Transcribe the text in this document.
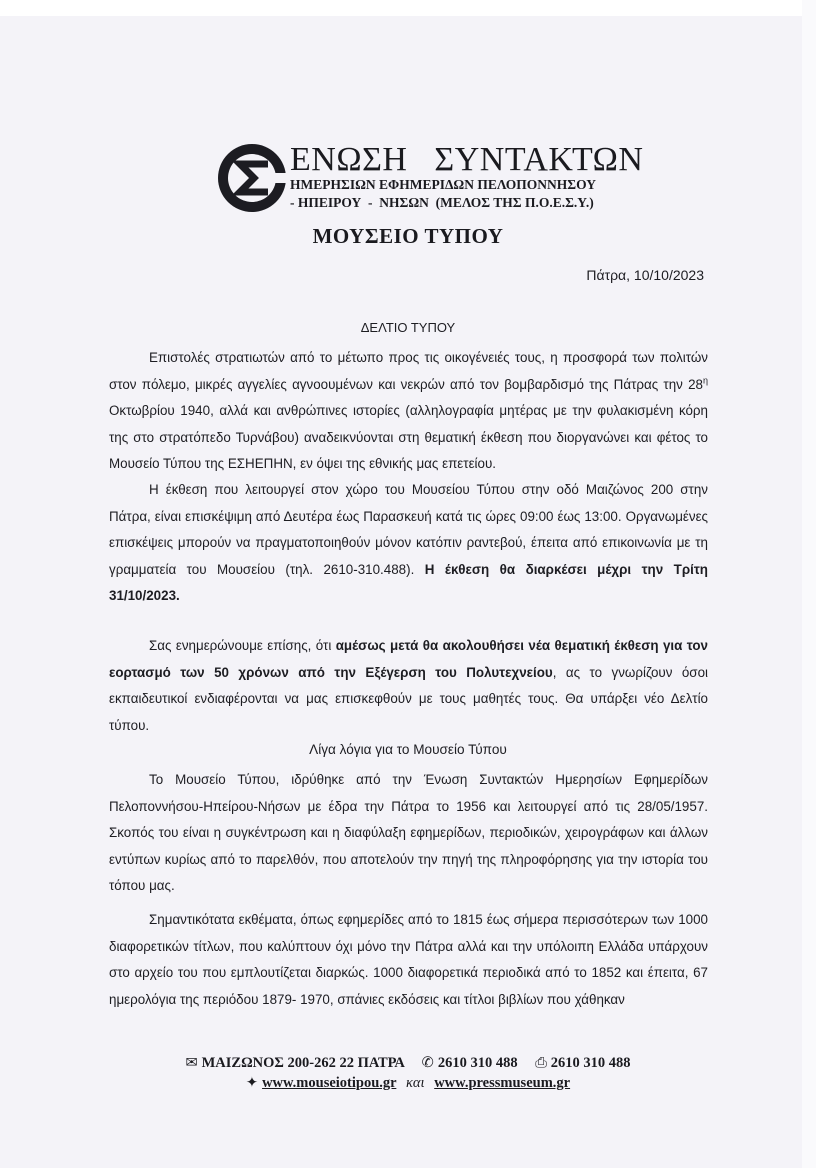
ΕΝΩΣΗ   ΣΥΝΤΑΚΤΩΝ

ΗΜΕΡΗΣΙΩΝ ΕΦΗΜΕΡΙΔΩΝ ΠΕΛΟΠΟΝΝΗΣΟΥ

- ΗΠΕΙΡΟΥ  -  ΝΗΣΩΝ  (ΜΕΛΟΣ ΤΗΣ Π.Ο.Ε.Σ.Υ.)

ΜΟΥΣΕΙΟ ΤΥΠΟΥ
Πάτρα, 10/10/2023
ΔΕΛΤΙΟ ΤΥΠΟΥ

Επιστολές στρατιωτών από το μέτωπο προς τις οικογένειές τους, η προσφορά των πολιτών στον πόλεμο, μικρές αγγελίες αγνοουμένων και νεκρών από τον βομβαρδισμό της Πάτρας την $28^\eta$ Οκτωβρίου 1940, αλλά και ανθρώπινες ιστορίες (αλληλογραφία μητέρας με την φυλακισμένη κόρη της στο στρατόπεδο Τυρνάβου) αναδεικνύονται στη θεματική έκθεση που διοργανώνει και φέτος το Μουσείο Τύπου της ΕΣΗΕΠΗΝ, εν όψει της εθνικής μας επετείου.

Η έκθεση που λειτουργεί στον χώρο του Μουσείου Τύπου στην οδό Μαιζώνος 200 στην Πάτρα, είναι επισκέψιμη από Δευτέρα έως Παρασκευή κατά τις ώρες 09:00 έως 13:00. Οργανωμένες επισκέψεις μπορούν να πραγματοποιηθούν μόνον κατόπιν ραντεβού, έπειτα από επικοινωνία με τη γραμματεία του Μουσείου (τηλ. 2610-310.488). Η έκθεση θα διαρκέσει μέχρι την Τρίτη 31/10/2023.

Σας ενημερώνουμε επίσης, ότι αμέσως μετά θα ακολουθήσει νέα θεματική έκθεση για τον εορτασμό των 50 χρόνων από την Εξέγερση του Πολυτεχνείου, ας το γνωρίζουν όσοι εκπαιδευτικοί ενδιαφέρονται να μας επισκεφθούν με τους μαθητές τους. Θα υπάρξει νέο Δελτίο τύπου.

Λίγα λόγια για το Μουσείο Τύπου

Το Μουσείο Τύπου, ιδρύθηκε από την Ένωση Συντακτών Ημερησίων Εφημερίδων Πελοποννήσου-Ηπείρου-Νήσων με έδρα την Πάτρα το 1956 και λειτουργεί από τις 28/05/1957. Σκοπός του είναι η συγκέντρωση και η διαφύλαξη εφημερίδων, περιοδικών, χειρογράφων και άλλων εντύπων κυρίως από το παρελθόν, που αποτελούν την πηγή της πληροφόρησης για την ιστορία του τόπου μας.

Σημαντικότατα εκθέματα, όπως εφημερίδες από το 1815 έως σήμερα περισσότερων των 1000 διαφορετικών τίτλων, που καλύπτουν όχι μόνο την Πάτρα αλλά και την υπόλοιπη Ελλάδα υπάρχουν στο αρχείο του που εμπλουτίζεται διαρκώς. 1000 διαφορετικά περιοδικά από το 1852 και έπειτα, 67 ημερολόγια της περιόδου 1879- 1970, σπάνιες εκδόσεις και τίτλοι βιβλίων που χάθηκαν

✉ ΜΑΙΖΩΝΟΣ 200-262 22 ΠΑΤΡΑ ✆ 2610 310 488 ⎙ 2610 310 488
✦ www.mouseiotipou.gr και www.pressmuseum.gr
